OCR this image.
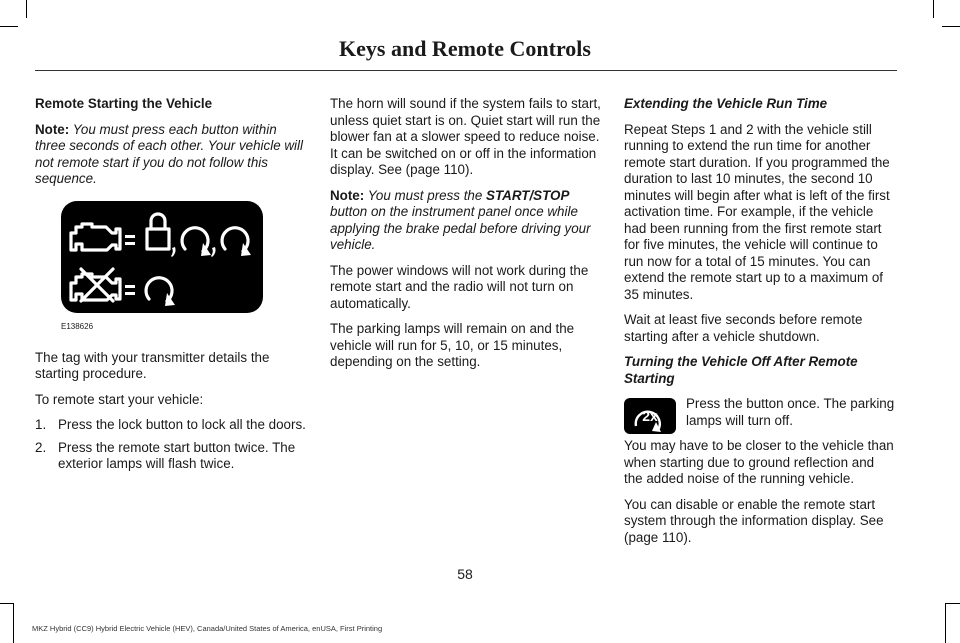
Keys and Remote Controls

Remote Starting the Vehicle

Note: You must press each button within three seconds of each other. Your vehicle will not remote start if you do not follow this sequence.

E138626

The tag with your transmitter details the starting procedure.

To remote start your vehicle:

1. Press the lock button to lock all the doors.
2. Press the remote start button twice. The exterior lamps will flash twice.

The horn will sound if the system fails to start, unless quiet start is on. Quiet start will run the blower fan at a slower speed to reduce noise. It can be switched on or off in the information display. See (page 110).

Note: You must press the START/STOP button on the instrument panel once while applying the brake pedal before driving your vehicle.

The power windows will not work during the remote start and the radio will not turn on automatically.

The parking lamps will remain on and the vehicle will run for 5, 10, or 15 minutes, depending on the setting.

Extending the Vehicle Run Time

Repeat Steps 1 and 2 with the vehicle still running to extend the run time for another remote start duration. If you programmed the duration to last 10 minutes, the second 10 minutes will begin after what is left of the first activation time. For example, if the vehicle had been running from the first remote start for five minutes, the vehicle will continue to run now for a total of 15 minutes. You can extend the remote start up to a maximum of 35 minutes.

Wait at least five seconds before remote starting after a vehicle shutdown.

Turning the Vehicle Off After Remote Starting

2x

Press the button once. The parking lamps will turn off.

You may have to be closer to the vehicle than when starting due to ground reflection and the added noise of the running vehicle.

You can disable or enable the remote start system through the information display. See (page 110).

58
MKZ Hybrid (CC9) Hybrid Electric Vehicle (HEV), Canada/United States of America, enUSA, First Printing
